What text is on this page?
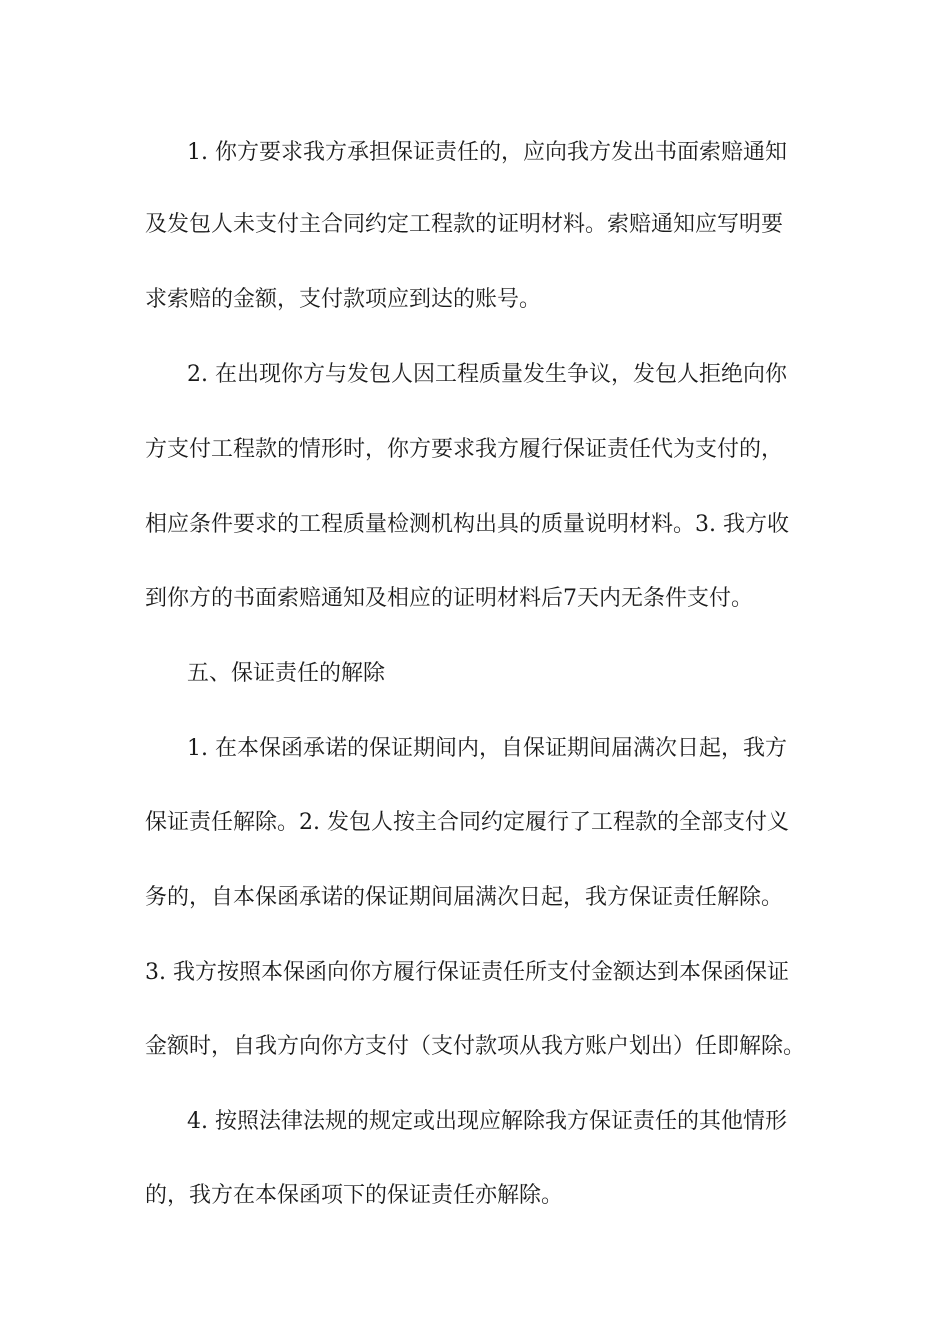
1. 你方要求我方承担保证责任的，应向我方发出书面索赔通知
及发包人未支付主合同约定工程款的证明材料。索赔通知应写明要
求索赔的金额，支付款项应到达的账号。
2. 在出现你方与发包人因工程质量发生争议，发包人拒绝向你
方支付工程款的情形时，你方要求我方履行保证责任代为支付的，
相应条件要求的工程质量检测机构出具的质量说明材料。3. 我方收
到你方的书面索赔通知及相应的证明材料后7天内无条件支付。
五、保证责任的解除
1. 在本保函承诺的保证期间内，自保证期间届满次日起，我方
保证责任解除。2. 发包人按主合同约定履行了工程款的全部支付义
务的，自本保函承诺的保证期间届满次日起，我方保证责任解除。
3. 我方按照本保函向你方履行保证责任所支付金额达到本保函保证
金额时，自我方向你方支付（支付款项从我方账户划出）任即解除。
4. 按照法律法规的规定或出现应解除我方保证责任的其他情形
的，我方在本保函项下的保证责任亦解除。
